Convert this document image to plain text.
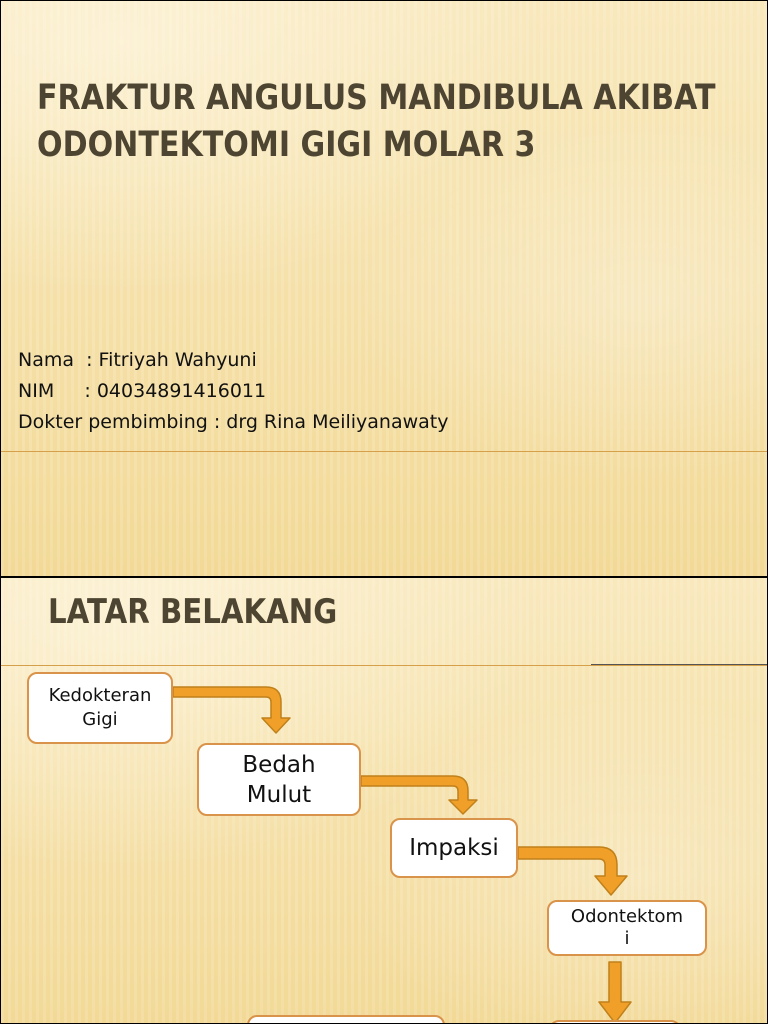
FRAKTUR ANGULUS MANDIBULA AKIBAT
ODONTEKTOMI GIGI MOLAR 3
Nama  : Fitriyah Wahyuni
NIM     : 04034891416011
Dokter pembimbing : drg Rina Meiliyanawaty
LATAR BELAKANG
Kedokteran
Gigi
Bedah
Mulut
Impaksi
Odontektom
i
